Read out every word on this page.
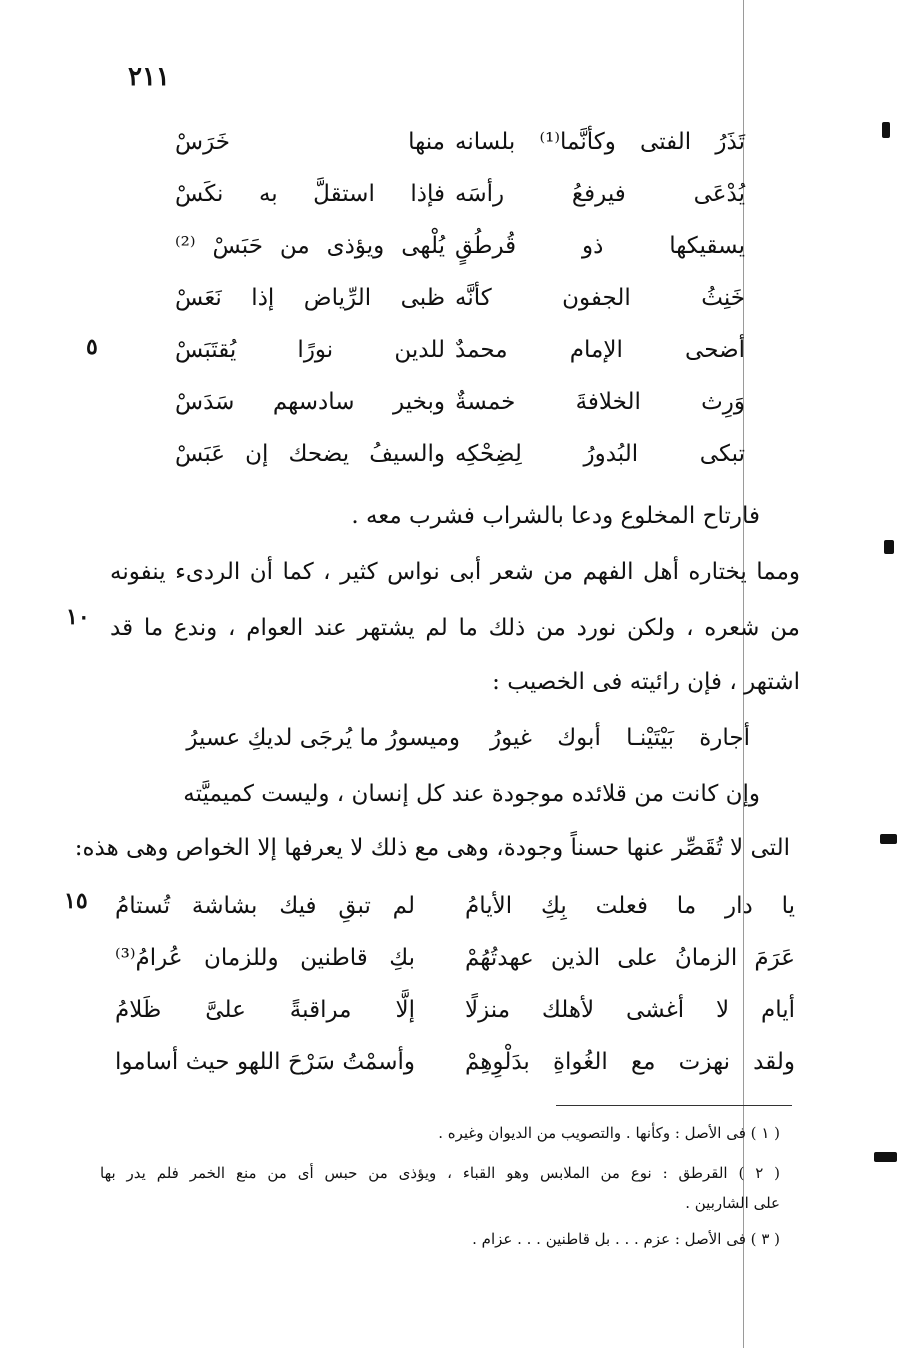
٢١١
تَذَرُ الفتى وكأنَّما⁽¹⁾ بلسانه
منها خَرَسْ
يُدْعَى فيرفعُ رأسَه
فإذا استقلَّ به نكَسْ
يسقيكها ذو قُرطُقٍ
يُلْهى ويؤذى من حَبَسْ ⁽²⁾
خَنِثُ الجفون كأنَّه
ظبى الرِّياض إذا نَعَسْ
أضحى الإمام محمدٌ
للدين نورًا يُقتَبَسْ
٥
وَرِث الخلافةَ خمسةٌ
وبخير سادسهم سَدَسْ
تبكى البُدورُ لِضِحْكِه
والسيفُ يضحك إن عَبَسْ
فارتاح المخلوع ودعا بالشراب فشرب معه .
ومما يختاره أهل الفهم من شعر أبى نواس كثير ، كما أن الردىء ينفونه
من شعره ، ولكن نورد من ذلك ما لم يشتهر عند العوام ، وندع ما قد
١٠
اشتهر ، فإن رائيته فى الخصيب :
أجارة بَيْتَيْنـا أبوك غيورُ
وميسورُ ما يُرجَى لديكِ عسيرُ
وإن كانت من قلائده موجودة عند كل إنسان ، وليست كميميَّته
التى لا تُقَصِّر عنها حسناً وجودة، وهى مع ذلك لا يعرفها إلا الخواص وهى هذه:
١٥	يا دار ما فعلت بِكِ الأيامُ
لم تبقِ فيك بشاشة تُستامُ
عَرَمَ الزمانُ على الذين عهدتُهُمْ
بكِ قاطنين وللزمان عُرامُ⁽³⁾
أيام لا أغشى لأهلك منزلًا
إلَّا مراقبةً علىَّ ظَلامُ
ولقد نهزت مع الغُواةِ بدَلْوِهِمْ
وأسمْتُ سَرْحَ اللهو حيث أساموا
( ١ ) فى الأصل : وكأنها . والتصويب من الديوان وغيره .
( ٢ ) القرطق : نوع من الملابس وهو القباء ، ويؤذى من حبس أى من منع الخمر فلم يدر بها
على الشاربين .
( ٣ ) فى الأصل : عزم . . . بل قاطنين . . . عزام .
